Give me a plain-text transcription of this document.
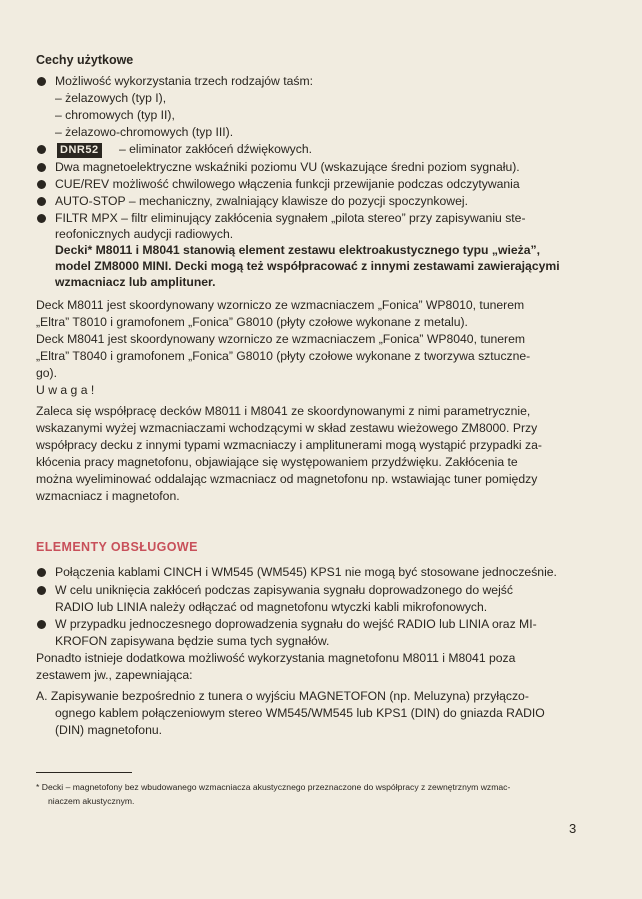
Cechy użytkowe
Możliwość wykorzystania trzech rodzajów taśm:
– żelazowych (typ I),
– chromowych (typ II),
– żelazowo-chromowych (typ III).
DNR52 – eliminator zakłóceń dźwiękowych.
Dwa magnetoelektryczne wskaźniki poziomu VU (wskazujące średni poziom sygnału).
CUE/REV możliwość chwilowego włączenia funkcji przewijanie podczas odczytywania
AUTO-STOP – mechaniczny, zwalniający klawisze do pozycji spoczynkowej.
FILTR MPX – filtr eliminujący zakłócenia sygnałem „pilota stereo” przy zapisywaniu ste-
reofonicznych audycji radiowych.
Decki* M8011 i M8041 stanowią element zestawu elektroakustycznego typu „wieża”,
model ZM8000 MINI. Decki mogą też współpracować z innymi zestawami zawierającymi
wzmacniacz lub amplituner.
Deck M8011 jest skoordynowany wzorniczo ze wzmacniaczem „Fonica” WP8010, tunerem
„Eltra” T8010 i gramofonem „Fonica” G8010 (płyty czołowe wykonane z metalu).
Deck M8041 jest skoordynowany wzorniczo ze wzmacniaczem „Fonica” WP8040, tunerem
„Eltra” T8040 i gramofonem „Fonica” G8010 (płyty czołowe wykonane z tworzywa sztuczne-
go).
U w a g a !
Zaleca się współpracę decków M8011 i M8041 ze skoordynowanymi z nimi parametrycznie,
wskazanymi wyżej wzmacniaczami wchodzącymi w skład zestawu wieżowego ZM8000. Przy
współpracy decku z innymi typami wzmacniaczy i amplitunerami mogą wystąpić przypadki za-
kłócenia pracy magnetofonu, objawiające się występowaniem przydźwięku. Zakłócenia te
można wyeliminować oddalając wzmacniacz od magnetofonu np. wstawiając tuner pomiędzy
wzmacniacz i magnetofon.
ELEMENTY OBSŁUGOWE
Połączenia kablami CINCH i WM545 (WM545) KPS1 nie mogą być stosowane jednocześnie.
W celu uniknięcia zakłóceń podczas zapisywania sygnału doprowadzonego do wejść
RADIO lub LINIA należy odłączać od magnetofonu wtyczki kabli mikrofonowych.
W przypadku jednoczesnego doprowadzenia sygnału do wejść RADIO lub LINIA oraz MI-
KROFON zapisywana będzie suma tych sygnałów.
Ponadto istnieje dodatkowa możliwość wykorzystania magnetofonu M8011 i M8041 poza
zestawem jw., zapewniająca:
A. Zapisywanie bezpośrednio z tunera o wyjściu MAGNETOFON (np. Meluzyna) przyłączo-
ognego kablem połączeniowym stereo WM545/WM545 lub KPS1 (DIN) do gniazda RADIO
(DIN) magnetofonu.
* Decki – magnetofony bez wbudowanego wzmacniacza akustycznego przeznaczone do współpracy z zewnętrznym wzmac-
niaczem akustycznym.
3
